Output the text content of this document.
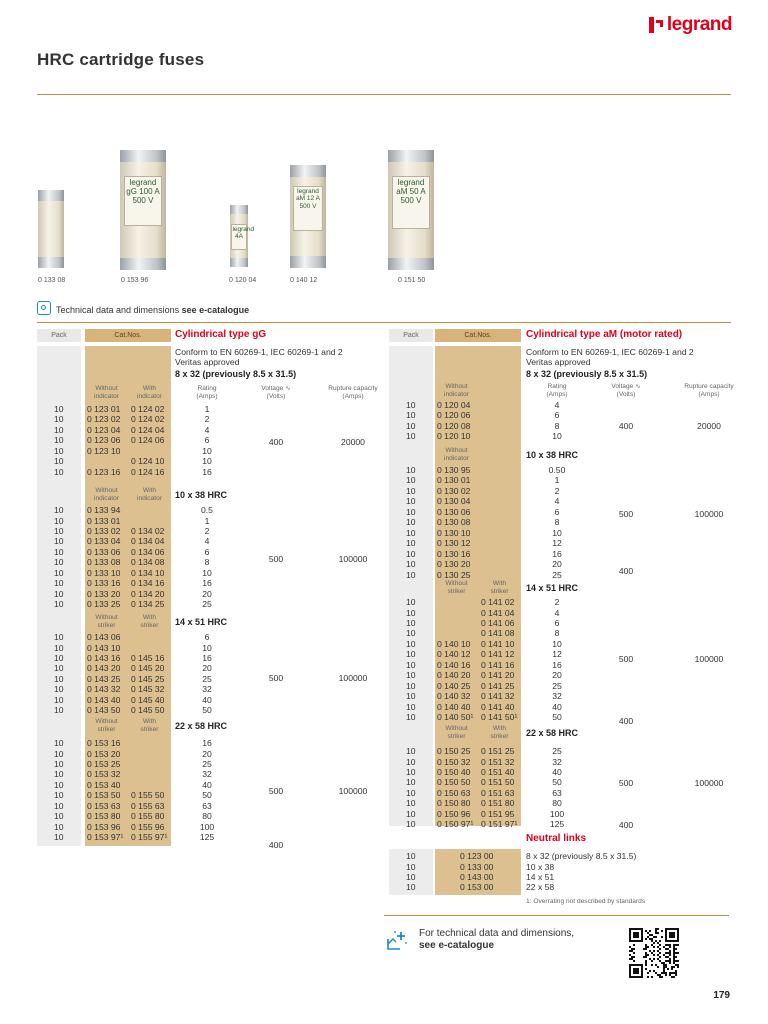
legrand
HRC cartridge fuses
0 133 08
legrand gG 100 A 500 V
0 153 96
legrand 4A
0 120 04
legrand aM 12 A 500 V
0 140 12
legrand aM 50 A 500 V
0 151 50
Technical data and dimensions see e-catalogue
Pack	Cat.Nos.	Cylindrical type gG
Conform to EN 60269-1, IEC 60269-1 and 2
Veritas approved
8 x 32 (previously 8.5 x 31.5)
Rating
(Amps)
Voltage ∿
(Volts)
Rupture capacity
(Amps)
Without
indicator
With
indicator
10	0 123 01 0 124 02	1
10	0 123 02 0 124 02	2
10	0 123 04 0 124 04	4
10	0 123 06 0 124 06	6
10	0 123 10	10
10	0 124 10	10
10	0 123 16 0 124 16	16
400	20000
10 x 38 HRC
Without
indicator
With
indicator
10	0 133 94	0.5
10	0 133 01	1
10	0 133 02 0 134 02	2
10	0 133 04 0 134 04	4
10	0 133 06 0 134 06	6
10	0 133 08 0 134 08	8
10	0 133 10 0 134 10	10
10	0 133 16 0 134 16	16
10	0 133 20 0 134 20	20
10	0 133 25 0 134 25	25
500	100000
14 x 51 HRC
Without
striker
With
striker
10	0 143 06	6
10	0 143 10	10
10	0 143 16 0 145 16	16
10	0 143 20 0 145 20	20
10	0 143 25 0 145 25	25
10	0 143 32 0 145 32	32
10	0 143 40 0 145 40	40
10	0 143 50 0 145 50	50
500	100000
22 x 58 HRC
Without
striker
With
striker
10	0 153 16	16
10	0 153 20	20
10	0 153 25	25
10	0 153 32	32
10	0 153 40	40
10	0 153 50 0 155 50	50
10	0 153 63 0 155 63	63
10	0 153 80 0 155 80	80
10	0 153 96 0 155 96	100
10	0 153 97¹ 0 155 97¹	125
500	100000
400
Pack	Cat.Nos.	Cylindrical type aM (motor rated)
Conform to EN 60269-1, IEC 60269-1 and 2
Veritas approved
8 x 32 (previously 8.5 x 31.5)
Rating
(Amps)
Voltage ∿
(Volts)
Rupture capacity
(Amps)
Without
indicator
10 0 120 04	4
10 0 120 06	6
10 0 120 08	8
10 0 120 10	10
400	20000
10 x 38 HRC
Without
indicator
10 0 130 95	0.50
10 0 130 01	1
10 0 130 02	2
10 0 130 04	4
10 0 130 06	6
10 0 130 08	8
10 0 130 10	10
10 0 130 12	12
10 0 130 16	16
10 0 130 20	20
10 0 130 25	25
500	100000
400
14 x 51 HRC
Without
striker
With
striker
10	0 141 02	2
10	0 141 04	4
10	0 141 06	6
10	0 141 08	8
10 0 140 10 0 141 10	10
10 0 140 12 0 141 12	12
10 0 140 16 0 141 16	16
10 0 140 20 0 141 20	20
10 0 140 25 0 141 25	25
10 0 140 32 0 141 32	32
10 0 140 40 0 141 40	40
10 0 140 50¹ 0 141 50¹	50
500	100000
400
22 x 58 HRC
Without
striker
With
striker
10 0 150 25 0 151 25	25
10 0 150 32 0 151 32	32
10 0 150 40 0 151 40	40
10 0 150 50 0 151 50	50
10 0 150 63 0 151 63	63
10 0 150 80 0 151 80	80
10 0 150 96 0 151 95	100
10 0 150 97¹ 0 151 97¹	125
500	100000
400
Neutral links
10	0 123 00	8 x 32 (previously 8.5 x 31.5)
10	0 133 00	10 x 38
10	0 143 00	14 x 51
10	0 153 00	22 x 58
1: Overrating not described by standards
For technical data and dimensions,
see e-catalogue
179
